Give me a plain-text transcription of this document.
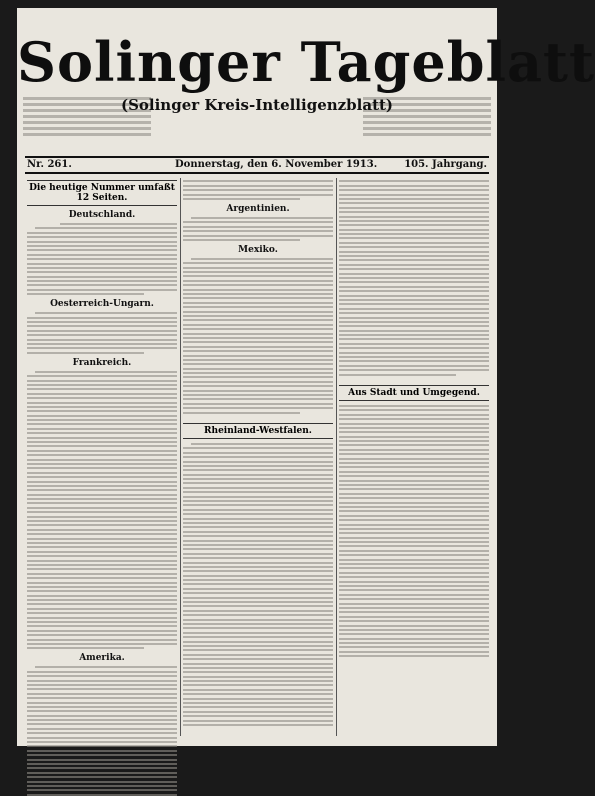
Solinger Tageblatt
(Solinger Kreis-Intelligenzblatt)
Nr. 261.	Donnerstag, den 6. November 1913.	105. Jahrgang.
Die heutige Nummer umfaßt 12 Seiten.
Deutschland.
Oesterreich-Ungarn.
Frankreich.
Amerika.
Argentinien.
Mexiko.
Rheinland-Westfalen.
Aus Stadt und Umgegend.
